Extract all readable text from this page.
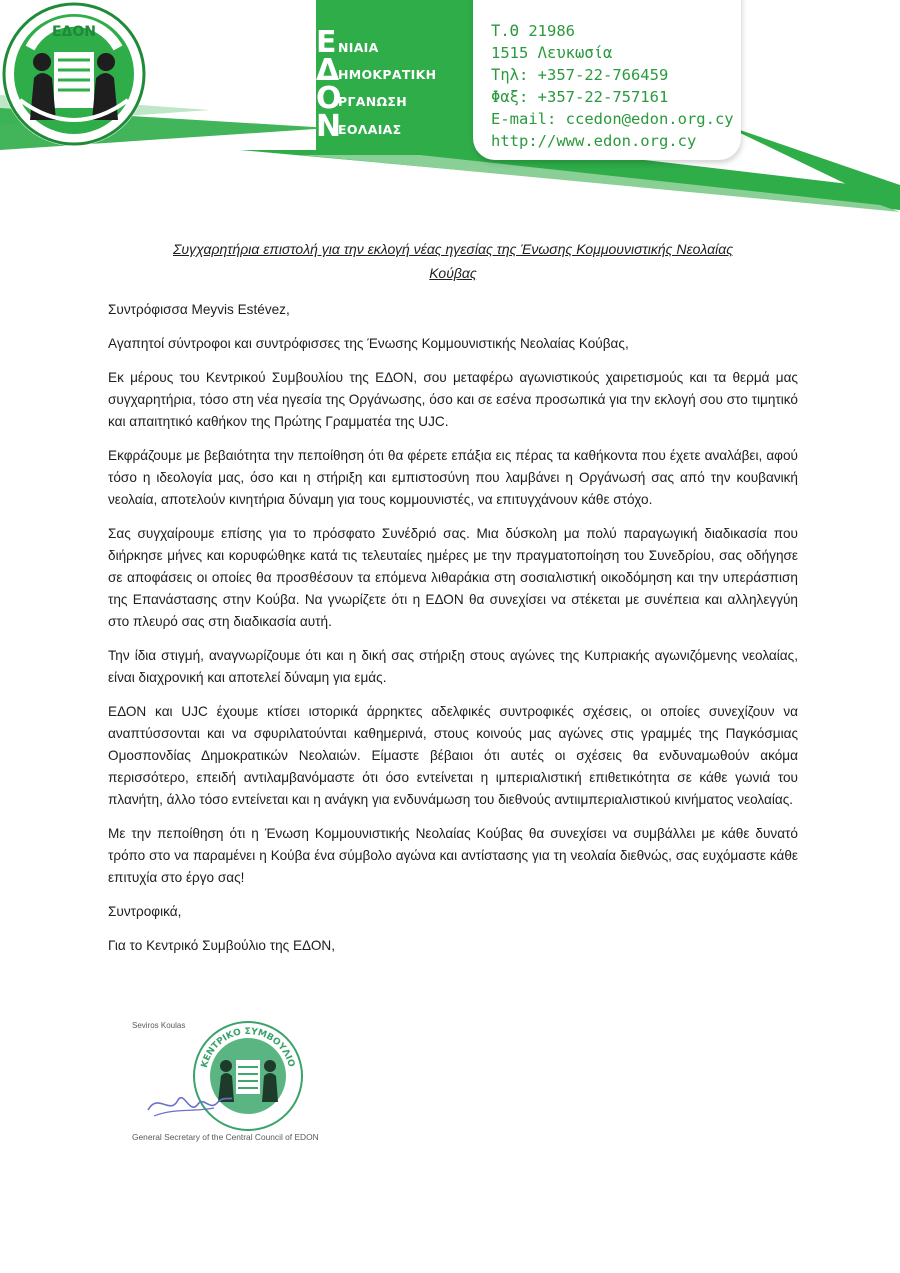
ΕΔΟΝ	Ε ΝΙΑΙΑ
Δ
ΗΜΟΚΡΑΤΙΚΗ
Ο
ΡΓΑΝΩΣΗ
Ν
ΕΟΛΑΙΑΣ
Τ.Θ 21986
1515 Λευκωσία
Τηλ: +357-22-766459
Φαξ: +357-22-757161
E-mail: ccedon@edon.org.cy
http://www.edon.org.cy
Συγχαρητήρια επιστολή για την εκλογή νέας ηγεσίας της Ένωσης Κομμουνιστικής Νεολαίας
Κούβας

Συντρόφισσα Meyvis Estévez,

Αγαπητοί σύντροφοι και συντρόφισσες της Ένωσης Κομμουνιστικής Νεολαίας Κούβας,

Εκ μέρους του Κεντρικού Συμβουλίου της ΕΔΟΝ, σου μεταφέρω αγωνιστικούς χαιρετισμούς και τα θερμά μας συγχαρητήρια, τόσο στη νέα ηγεσία της Οργάνωσης, όσο και σε εσένα προσωπικά για την εκλογή σου στο τιμητικό και απαιτητικό καθήκον της Πρώτης Γραμματέα της UJC.

Εκφράζουμε με βεβαιότητα την πεποίθηση ότι θα φέρετε επάξια εις πέρας τα καθήκοντα που έχετε αναλάβει, αφού τόσο η ιδεολογία μας, όσο και η στήριξη και εμπιστοσύνη που λαμβάνει η Οργάνωσή σας από την κουβανική νεολαία, αποτελούν κινητήρια δύναμη για τους κομμουνιστές, να επιτυγχάνουν κάθε στόχο.

Σας συγχαίρουμε επίσης για το πρόσφατο Συνέδριό σας. Μια δύσκολη μα πολύ παραγωγική διαδικασία που διήρκησε μήνες και κορυφώθηκε κατά τις τελευταίες ημέρες με την πραγματοποίηση του Συνεδρίου, σας οδήγησε σε αποφάσεις οι οποίες θα προσθέσουν τα επόμενα λιθαράκια στη σοσιαλιστική οικοδόμηση και την υπεράσπιση της Επανάστασης στην Κούβα. Να γνωρίζετε ότι η ΕΔΟΝ θα συνεχίσει να στέκεται με συνέπεια και αλληλεγγύη στο πλευρό σας στη διαδικασία αυτή.

Την ίδια στιγμή, αναγνωρίζουμε ότι και η δική σας στήριξη στους αγώνες της Κυπριακής αγωνιζόμενης νεολαίας, είναι διαχρονική και αποτελεί δύναμη για εμάς.

ΕΔΟΝ και UJC έχουμε κτίσει ιστορικά άρρηκτες αδελφικές συντροφικές σχέσεις, οι οποίες συνεχίζουν να αναπτύσσονται και να σφυριλατούνται καθημερινά, στους κοινούς μας αγώνες στις γραμμές της Παγκόσμιας Ομοσπονδίας Δημοκρατικών Νεολαιών. Είμαστε βέβαιοι ότι αυτές οι σχέσεις θα ενδυναμωθούν ακόμα περισσότερο, επειδή αντιλαμβανόμαστε ότι όσο εντείνεται η ιμπεριαλιστική επιθετικότητα σε κάθε γωνιά του πλανήτη, άλλο τόσο εντείνεται και η ανάγκη για ενδυνάμωση του διεθνούς αντιιμπεριαλιστικού κινήματος νεολαίας.

Με την πεποίθηση ότι η Ένωση Κομμουνιστικής Νεολαίας Κούβας θα συνεχίσει να συμβάλλει με κάθε δυνατό τρόπο στο να παραμένει η Κούβα ένα σύμβολο αγώνα και αντίστασης για τη νεολαία διεθνώς, σας ευχόμαστε κάθε επιτυχία στο έργο σας!

Συντροφικά,

Για το Κεντρικό Συμβούλιο της ΕΔΟΝ,

Seviros Koulas
ΚΕΝΤΡΙΚΟ ΣΥΜΒΟΥΛΙΟ
General Secretary of the Central Council of EDON
